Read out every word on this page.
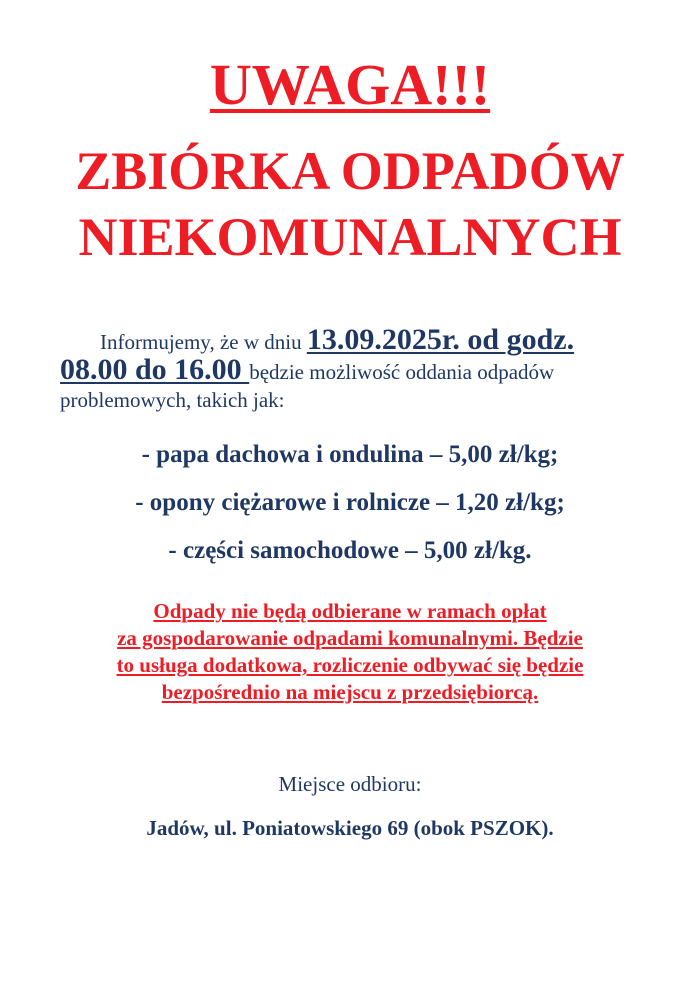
UWAGA!!!
ZBIÓRKA ODPADÓW
NIEKOMUNALNYCH
Informujemy, że w dniu 13.09.2025r. od godz.
08.00 do 16.00 będzie możliwość oddania odpadów
problemowych, takich jak:
- papa dachowa i ondulina – 5,00 zł/kg;
- opony ciężarowe i rolnicze – 1,20 zł/kg;
- części samochodowe – 5,00 zł/kg.
Odpady nie będą odbierane w ramach opłat
za gospodarowanie odpadami komunalnymi. Będzie
to usługa dodatkowa, rozliczenie odbywać się będzie
bezpośrednio na miejscu z przedsiębiorcą.
Miejsce odbioru:
Jadów, ul. Poniatowskiego 69 (obok PSZOK).
